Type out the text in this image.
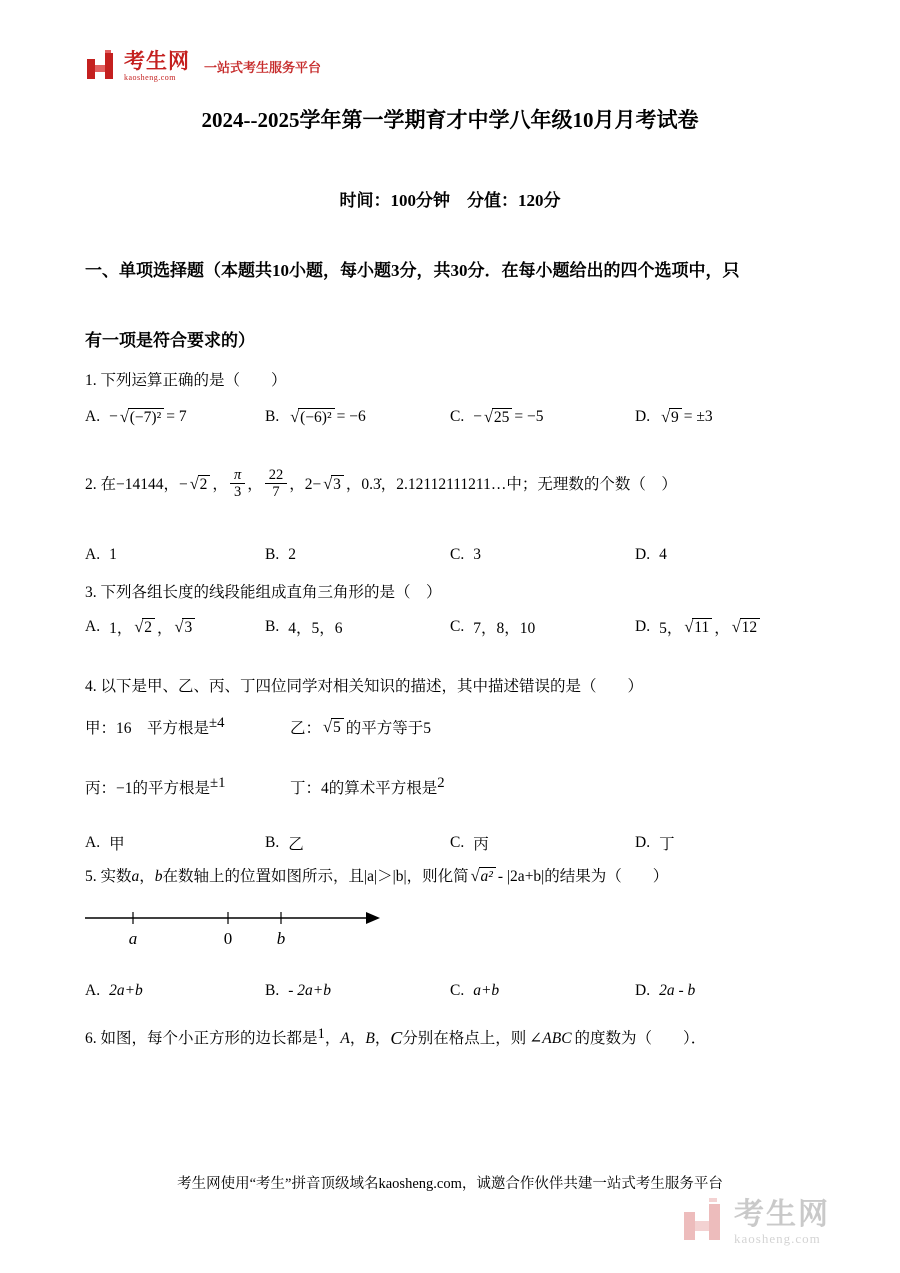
考生网
kaosheng.com
一站式考生服务平台
2024--2025学年第一学期育才中学八年级10月月考试卷
时间：100分钟　分值：120分
一、单项选择题（本题共10小题，每小题3分，共30分．在每小题给出的四个选项中，只
有一项是符合要求的）

1. 下列运算正确的是（　　）

A. − √ (−7)² = 7	B. √ (−6)² = −6	C. − √ 25 = −5	D. √ 9 = ±3

2. 在−14144，− √ 2 ， $\frac{\pi}{3}$ ， $\frac{22}{7}$ ，2− √ 3 ，0.3̇，2.12112111211…中；无理数的个数（　）

A. 1	B. 2	C. 3	D. 4

3. 下列各组长度的线段能组成直角三角形的是（　）

A. 1， √ 2 ， √ 3	B. 4，5，6	C. 7，8，10	D. 5， √ 11 ， √ 12

4. 以下是甲、乙、丙、丁四位同学对相关知识的描述，其中描述错误的是（　　）

甲：16　平方根是 ±4	乙： √ 5 的平方等于5
丙：−1的平方根是 ±1	丁：4的算术平方根是 2
A. 甲	B. 乙	C. 丙	D. 丁

5. 实数 a ， b 在数轴上的位置如图所示，且|a|＞|b|，则化简 √ a² - |2a+b|的结果为（　　）

a	0	b
A. 2a+b	B. - 2a+b	C. a+b	D. 2a - b

6. 如图，每个小正方形的边长都是 1 ， A ， B ， C 分别在格点上，则 ∠ABC 的度数为（　　）．

考生网使用“考生”拼音顶级域名kaosheng.com，诚邀合作伙伴共建一站式考生服务平台
考生网
kaosheng.com
